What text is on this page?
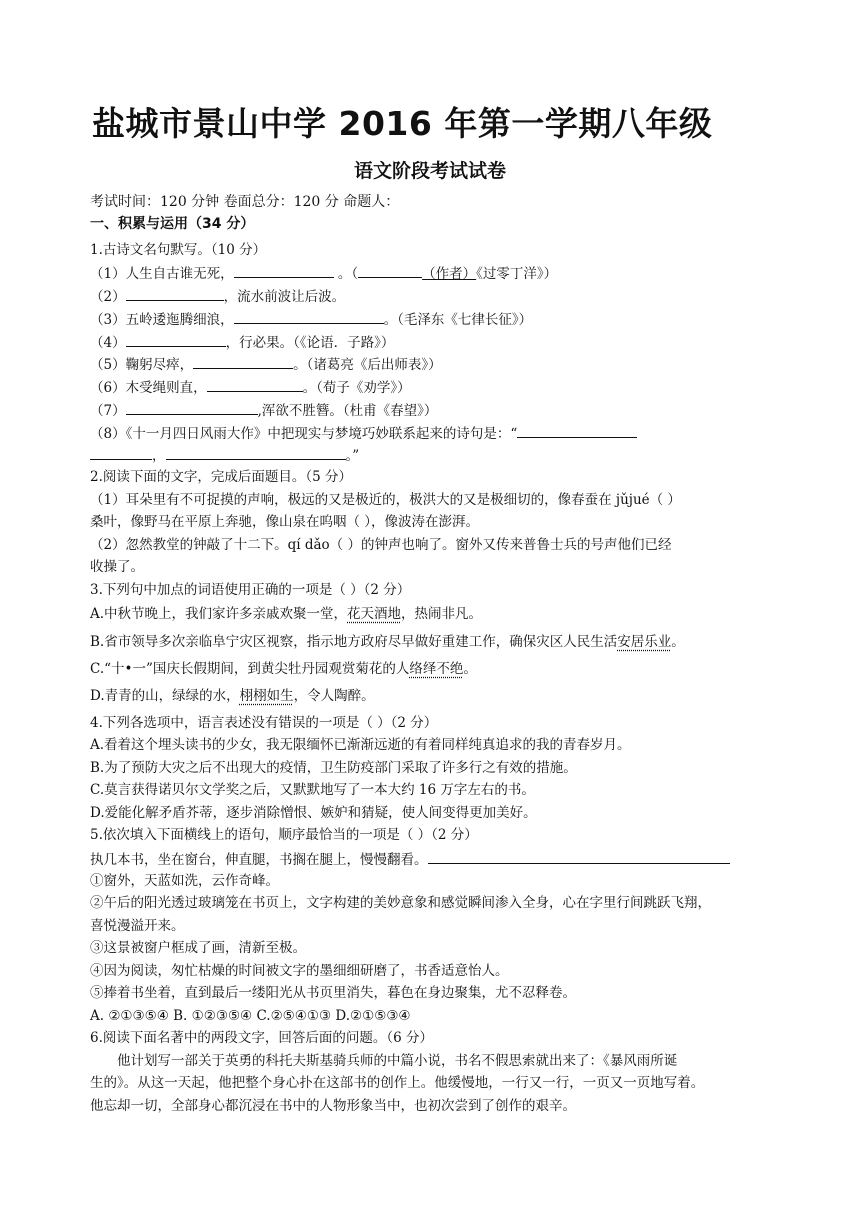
盐城市景山中学 2016 年第一学期八年级
语文阶段考试试卷
考试时间：120 分钟 卷面总分：120 分 命题人：
一、积累与运用（34 分）
1.古诗文名句默写。（10 分）
（1）人生自古谁无死，	。（	（作者）《过零丁洋》）
（2）	，流水前波让后波。
（3）五岭逶迤腾细浪，	。（毛泽东《七律长征》）
（4）	，行必果。（《论语．子路》）
（5）鞠躬尽瘁，	。（诸葛亮《后出师表》）
（6）木受绳则直，	。（荀子《劝学》）
（7）	,浑欲不胜簪。（杜甫《春望》）
（8）《十一月四日风雨大作》中把现实与梦境巧妙联系起来的诗句是：“
，	。”
2.阅读下面的文字，完成后面题目。（5 分）
（1）耳朵里有不可捉摸的声响，极远的又是极近的，极洪大的又是极细切的，像春蚕在 jǔjué（ ）
桑叶，像野马在平原上奔驰，像山泉在呜咽（ ），像波涛在澎湃。
（2）忽然教堂的钟敲了十二下。qí dǎo（ ）的钟声也响了。窗外又传来普鲁士兵的号声他们已经
收操了。
3.下列句中加点的词语使用正确的一项是（ ）（2 分）
A.中秋节晚上，我们家许多亲戚欢聚一堂，花天酒地，热闹非凡。
B.省市领导多次亲临阜宁灾区视察，指示地方政府尽早做好重建工作，确保灾区人民生活安居乐业。
C.“十•一”国庆长假期间，到黄尖牡丹园观赏菊花的人络绎不绝。
D.青青的山，绿绿的水，栩栩如生，令人陶醉。
4.下列各选项中，语言表述没有错误的一项是（ ）（2 分）
A.看着这个埋头读书的少女，我无限缅怀已渐渐远逝的有着同样纯真追求的我的青春岁月。
B.为了预防大灾之后不出现大的疫情，卫生防疫部门采取了许多行之有效的措施。
C.莫言获得诺贝尔文学奖之后，又默默地写了一本大约 16 万字左右的书。
D.爱能化解矛盾芥蒂，逐步消除憎恨、嫉妒和猜疑，使人间变得更加美好。
5.依次填入下面横线上的语句，顺序最恰当的一项是（ ）（2 分）
执几本书，坐在窗台，伸直腿，书搁在腿上，慢慢翻看。
①窗外，天蓝如洗，云作奇峰。
②午后的阳光透过玻璃笼在书页上，文字构建的美妙意象和感觉瞬间渗入全身，心在字里行间跳跃飞翔，
喜悦漫溢开来。
③这景被窗户框成了画，清新至极。
④因为阅读，匆忙枯燥的时间被文字的墨细细研磨了，书香适意怡人。
⑤捧着书坐着，直到最后一缕阳光从书页里消失，暮色在身边聚集，尤不忍释卷。
A. ②①③⑤④ B. ①②③⑤④ C.②⑤④①③ D.②①⑤③④
6.阅读下面名著中的两段文字，回答后面的问题。（6 分）
他计划写一部关于英勇的科托夫斯基骑兵师的中篇小说，书名不假思索就出来了：《暴风雨所诞
生的》。从这一天起，他把整个身心扑在这部书的创作上。他缓慢地，一行又一行，一页又一页地写着。
他忘却一切，全部身心都沉浸在书中的人物形象当中，也初次尝到了创作的艰辛。
